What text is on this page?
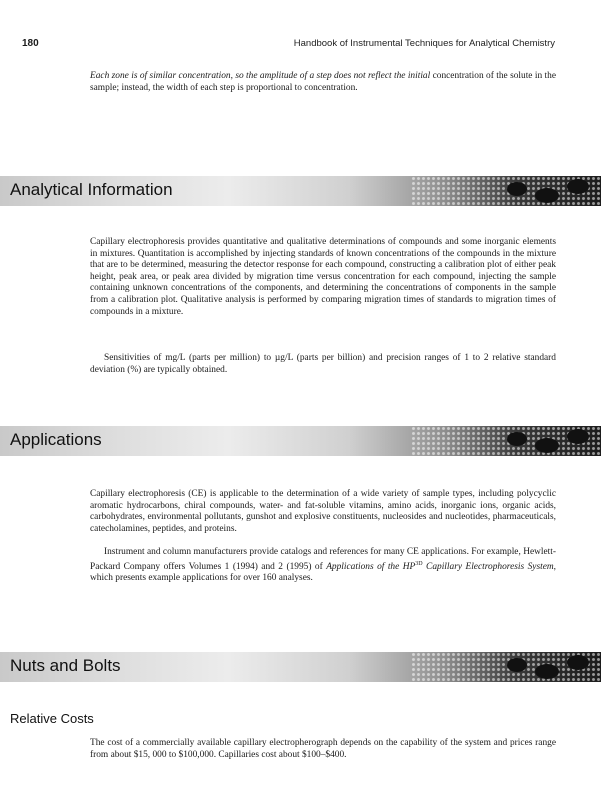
180	Handbook of Instrumental Techniques for Analytical Chemistry

Each zone is of similar concentration, so the amplitude of a step does not reflect the initial concentration of the solute in the sample; instead, the width of each step is proportional to concentration.

Analytical Information

Capillary electrophoresis provides quantitative and qualitative determinations of compounds and some inorganic elements in mixtures. Quantitation is accomplished by injecting standards of known concentrations of the compounds in the mixture that are to be determined, measuring the detector response for each compound, constructing a calibration plot of either peak height, peak area, or peak area divided by migration time versus concentration for each compound, injecting the sample containing unknown concentrations of the components, and determining the concentrations of components in the sample from a calibration plot. Qualitative analysis is performed by comparing migration times of standards to migration times of compounds in a mixture.

Sensitivities of mg/L (parts per million) to µg/L (parts per billion) and precision ranges of 1 to 2 relative standard deviation (%) are typically obtained.

Applications

Capillary electrophoresis (CE) is applicable to the determination of a wide variety of sample types, including polycyclic aromatic hydrocarbons, chiral compounds, water- and fat-soluble vitamins, amino acids, inorganic ions, organic acids, carbohydrates, environmental pollutants, gunshot and explosive constituents, nucleosides and nucleotides, pharmaceuticals, catecholamines, peptides, and proteins.

Instrument and column manufacturers provide catalogs and references for many CE applications. For example, Hewlett-Packard Company offers Volumes 1 (1994) and 2 (1995) of Applications of the $HP^{3D}$ Capillary Electrophoresis System, which presents example applications for over 160 analyses.

Nuts and Bolts
Relative Costs

The cost of a commercially available capillary electropherograph depends on the capability of the system and prices range from about $15, 000 to $100,000. Capillaries cost about $100–$400.
